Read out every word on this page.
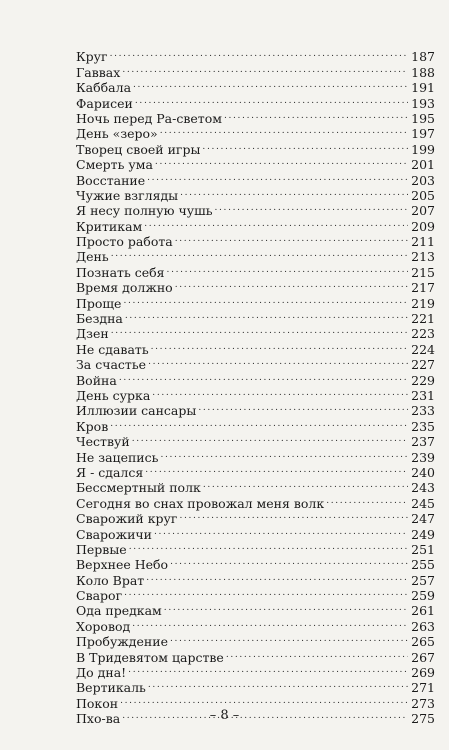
Круг . . .	187
Гаввах . . .	188
Каббала . . .	191
Фарисеи . . .	193
Ночь перед Ра-светом . . .	195
День «зеро» . . .	197
Творец своей игры . . .	199
Смерть ума . . .	201
Восстание . . .	203
Чужие взгляды . . .	205
Я несу полную чушь . . .	207
Критикам . . .	209
Просто работа . . .	211
День . . .	213
Познать себя . . .	215
Время должно . . .	217
Проще . . .	219
Бездна . . .	221
Дзен . . .	223
Не сдавать . . .	224
За счастье . . .	227
Война . . .	229
День сурка . . .	231
Иллюзии сансары . . .	233
Кров . . .	235
Чествуй . . .	237
Не зацепись . . .	239
Я - сдался . . .	240
Бессмертный полк . . .	243
Сегодня во снах провожал меня волк . . .	245
Сварожий круг . . .	247
Сварожичи . . .	249
Первые . . .	251
Верхнее Небо . . .	255
Коло Врат . . .	257
Сварог . . .	259
Ода предкам . . .	261
Хоровод . . .	263
Пробуждение . . .	265
В Тридевятом царстве . . .	267
До дна! . . .	269
Вертикаль . . .	271
Покон . . .	273
Пхо-ва . . .	275
– 8 –
